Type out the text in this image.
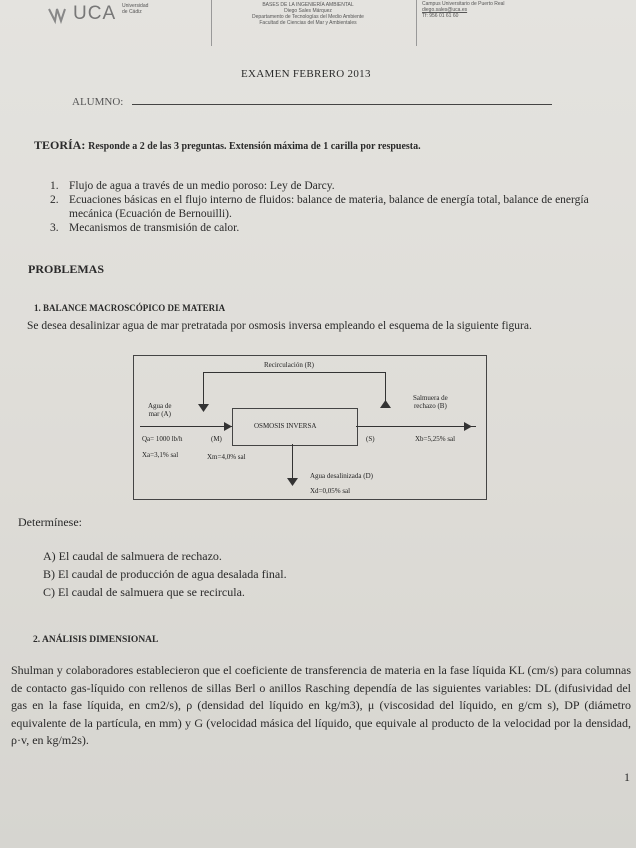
UCA Universidad
de Cádiz
BASES DE LA INGENIERÍA AMBIENTAL
Diego Sales Márquez
Departamento de Tecnologías del Medio Ambiente
Facultad de Ciencias del Mar y Ambientales
Campus Universitario de Puerto Real
diego.sales@uca.es
Tf: 956 01 61 60
EXAMEN FEBRERO 2013
ALUMNO:
TEORÍA: Responde a 2 de las 3 preguntas. Extensión máxima de 1 carilla por respuesta.
1. Flujo de agua a través de un medio poroso: Ley de Darcy.
2. Ecuaciones básicas en el flujo interno de fluidos: balance de materia, balance de energía total, balance de energía mecánica (Ecuación de Bernouilli).
3. Mecanismos de transmisión de calor.
PROBLEMAS
1. BALANCE MACROSCÓPICO DE MATERIA
Se desea desalinizar agua de mar pretratada por osmosis inversa empleando el esquema de la siguiente figura.
Recirculación (R)
OSMOSIS INVERSA
Agua de
mar (A)
Salmuera de
rechazo (B)
Qa= 1000 lb/h	(M)	(S)	Xb=5,25% sal
Xa=3,1% sal	Xm=4,0% sal
Agua desalinizada (D)
Xd=0,05% sal
Determínese:
A) El caudal de salmuera de rechazo.
B) El caudal de producción de agua desalada final.
C) El caudal de salmuera que se recircula.
2. ANÁLISIS DIMENSIONAL
Shulman y colaboradores establecieron que el coeficiente de transferencia de materia en la fase líquida KL (cm/s) para columnas de contacto gas-líquido con rellenos de sillas Berl o anillos Rasching dependía de las siguientes variables: DL (difusividad del gas en la fase líquida, en cm2/s), ρ (densidad del líquido en kg/m3), μ (viscosidad del líquido, en g/cm s), DP (diámetro equivalente de la partícula, en mm) y G (velocidad másica del líquido, que equivale al producto de la velocidad por la densidad, ρ·v, en kg/m2s).
1
